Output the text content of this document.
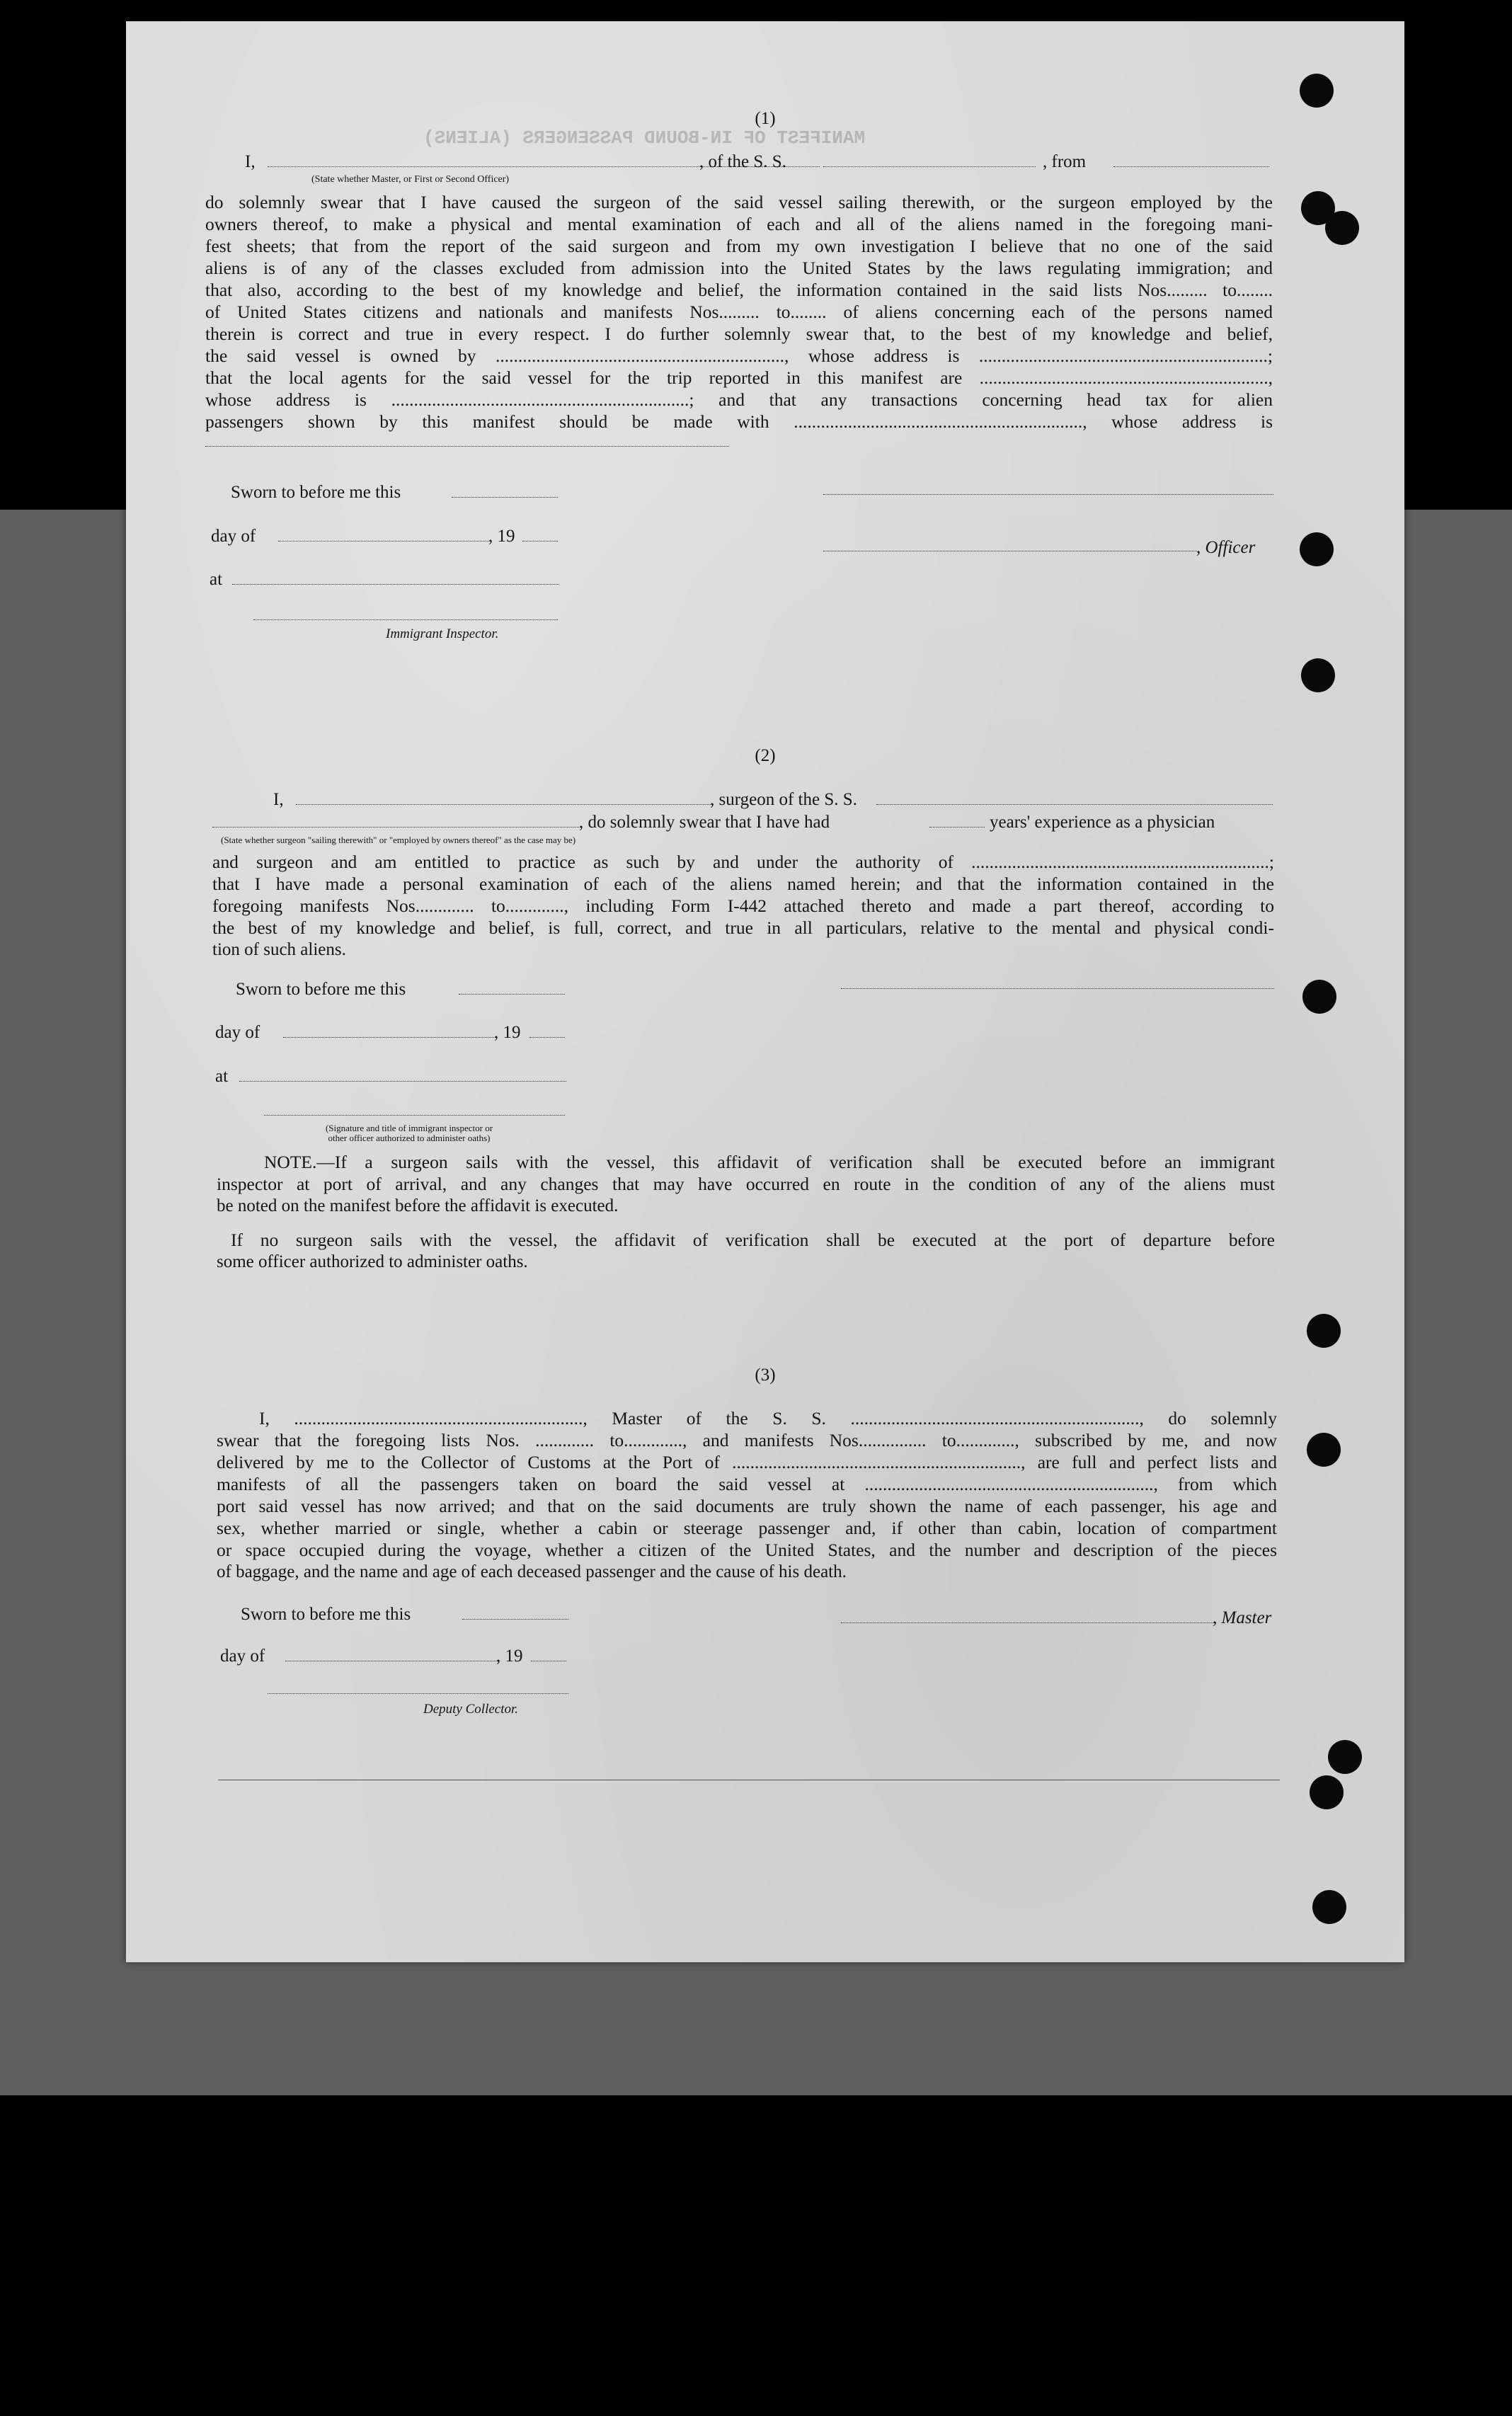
MANIFEST OF IN-BOUND PASSENGERS (ALIENS)
(1)
I,	, of the S. S.	, from
(State whether Master, or First or Second Officer)
do solemnly swear that I have caused the surgeon of the said vessel sailing therewith, or the surgeon employed by the
owners thereof, to make a physical and mental examination of each and all of the aliens named in the foregoing mani-
fest sheets; that from the report of the said surgeon and from my own investigation I believe that no one of the said
aliens is of any of the classes excluded from admission into the United States by the laws regulating immigration; and
that also, according to the best of my knowledge and belief, the information contained in the said lists Nos......... to........
of United States citizens and nationals and manifests Nos......... to........ of aliens concerning each of the persons named
therein is correct and true in every respect. I do further solemnly swear that, to the best of my knowledge and belief,
the said vessel is owned by ................................................................, whose address is ................................................................;
that the local agents for the said vessel for the trip reported in this manifest are ................................................................,
whose address is ..................................................................; and that any transactions concerning head tax for alien
passengers shown by this manifest should be made with ................................................................, whose address is
Sworn to before me this
day of	, 19
at
Immigrant Inspector.
, Officer
(2)
I,	, surgeon of the S. S.
, do solemnly swear that I have had	years' experience as a physician
(State whether surgeon "sailing therewith" or "employed by owners thereof" as the case may be)
and surgeon and am entitled to practice as such by and under the authority of ..................................................................;
that I have made a personal examination of each of the aliens named herein; and that the information contained in the
foregoing manifests Nos............. to............., including Form I-442 attached thereto and made a part thereof, according to
the best of my knowledge and belief, is full, correct, and true in all particulars, relative to the mental and physical condi-
tion of such aliens.
Sworn to before me this
day of	, 19
at
(Signature and title of immigrant inspector or
other officer authorized to administer oaths)
NOTE.—If a surgeon sails with the vessel, this affidavit of verification shall be executed before an immigrant
inspector at port of arrival, and any changes that may have occurred en route in the condition of any of the aliens must
be noted on the manifest before the affidavit is executed.
If no surgeon sails with the vessel, the affidavit of verification shall be executed at the port of departure before
some officer authorized to administer oaths.
(3)
I, ................................................................, Master of the S. S. ................................................................, do solemnly
swear that the foregoing lists Nos. ............. to............., and manifests Nos............... to............., subscribed by me, and now
delivered by me to the Collector of Customs at the Port of ................................................................, are full and perfect lists and
manifests of all the passengers taken on board the said vessel at ................................................................, from which
port said vessel has now arrived; and that on the said documents are truly shown the name of each passenger, his age and
sex, whether married or single, whether a cabin or steerage passenger and, if other than cabin, location of compartment
or space occupied during the voyage, whether a citizen of the United States, and the number and description of the pieces
of baggage, and the name and age of each deceased passenger and the cause of his death.
Sworn to before me this	, Master
day of	, 19
Deputy Collector.
